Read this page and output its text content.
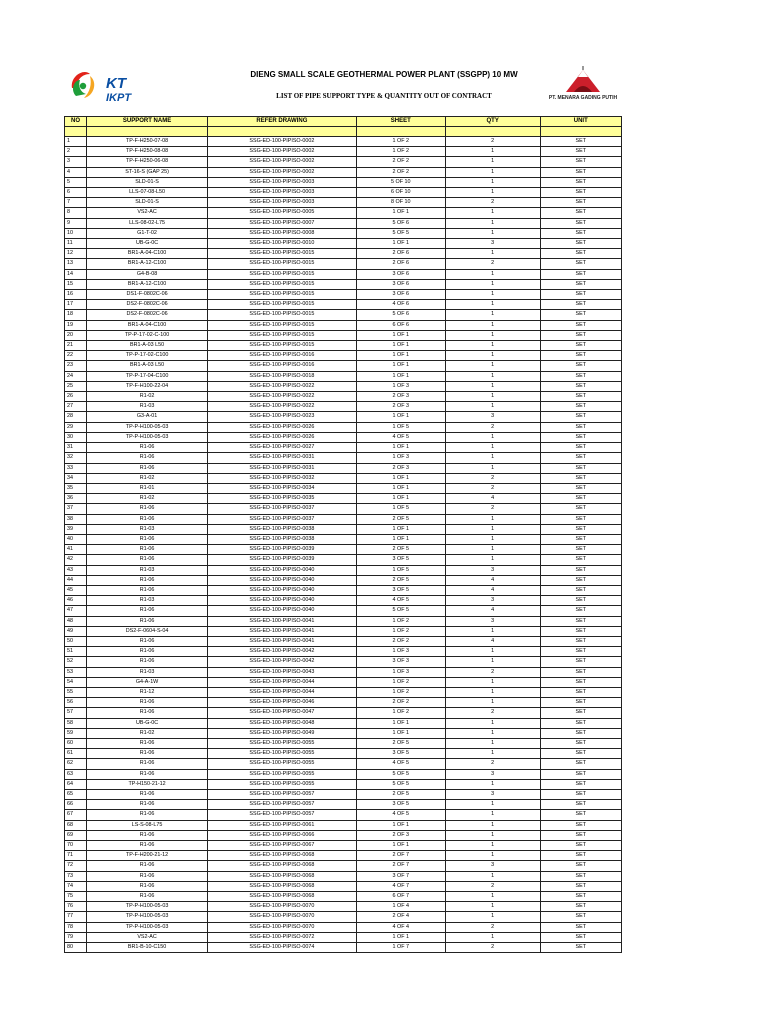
KT
IKPT
DIENG SMALL SCALE GEOTHERMAL POWER PLANT (SSGPP) 10 MW
LIST OF PIPE SUPPORT TYPE & QUANTITY OUT OF CONTRACT	PT. MENARA GADING PUTIH
NO	SUPPORT NAME	REFER DRAWING	SHEET	QTY	UNIT

1	TP-F-H250-07-08	SSG-ED-100-PIPISO-0002	1 OF 2	2	SET
2	TP-F-H250-08-08	SSG-ED-100-PIPISO-0002	1 OF 2	1	SET
3	TP-F-H250-06-08	SSG-ED-100-PIPISO-0002	2 OF 2	1	SET
4	ST-16-S (GAP 25)	SSG-ED-100-PIPISO-0002	2 OF 2	1	SET
5	SLD-01-S	SSG-ED-100-PIPISO-0003	5 OF 10	1	SET
6	LLS-07-08-L50	SSG-ED-100-PIPISO-0003	6 OF 10	1	SET
7	SLD-01-S	SSG-ED-100-PIPISO-0003	8 OF 10	2	SET
8	VS2-AC	SSG-ED-100-PIPISO-0005	1 OF 1	1	SET
9	LLS-08-02-L75	SSG-ED-100-PIPISO-0007	5 OF 6	1	SET
10	G1-T-02	SSG-ED-100-PIPISO-0008	5 OF 5	1	SET
11	UB-G-0C	SSG-ED-100-PIPISO-0010	1 OF 1	3	SET
12	BR1-A-04-C100	SSG-ED-100-PIPISO-0015	2 OF 6	1	SET
13	BR1-A-12-C100	SSG-ED-100-PIPISO-0015	2 OF 6	2	SET
14	G4-B-08	SSG-ED-100-PIPISO-0015	3 OF 6	1	SET
15	BR1-A-12-C100	SSG-ED-100-PIPISO-0015	3 OF 6	1	SET
16	DS1-F-0802C-06	SSG-ED-100-PIPISO-0015	3 OF 6	1	SET
17	DS2-F-0802C-06	SSG-ED-100-PIPISO-0015	4 OF 6	1	SET
18	DS2-F-0802C-06	SSG-ED-100-PIPISO-0015	5 OF 6	1	SET
19	BR1-A-04-C100	SSG-ED-100-PIPISO-0015	6 OF 6	1	SET
20	TP-P-17-02-C-100	SSG-ED-100-PIPISO-0015	1 OF 1	1	SET
21	BR1-A-03 L50	SSG-ED-100-PIPISO-0015	1 OF 1	1	SET
22	TP-P-17-02-C100	SSG-ED-100-PIPISO-0016	1 OF 1	1	SET
23	BR1-A-03 L50	SSG-ED-100-PIPISO-0016	1 OF 1	1	SET
24	TP-P-17-04-C100	SSG-ED-100-PIPISO-0018	1 OF 1	1	SET
25	TP-F-H100-22-04	SSG-ED-100-PIPISO-0022	1 OF 3	1	SET
26	R1-02	SSG-ED-100-PIPISO-0022	2 OF 3	1	SET
27	R1-03	SSG-ED-100-PIPISO-0022	2 OF 3	1	SET
28	G3-A-01	SSG-ED-100-PIPISO-0023	1 OF 1	3	SET
29	TP-P-H100-05-03	SSG-ED-100-PIPISO-0026	1 OF 5	2	SET
30	TP-P-H100-05-03	SSG-ED-100-PIPISO-0026	4 OF 5	1	SET
31	R1-06	SSG-ED-100-PIPISO-0027	1 OF 1	1	SET
32	R1-06	SSG-ED-100-PIPISO-0031	1 OF 3	1	SET
33	R1-06	SSG-ED-100-PIPISO-0031	2 OF 3	1	SET
34	R1-02	SSG-ED-100-PIPISO-0032	1 OF 1	2	SET
35	R1-01	SSG-ED-100-PIPISO-0034	1 OF 1	2	SET
36	R1-02	SSG-ED-100-PIPISO-0035	1 OF 1	4	SET
37	R1-06	SSG-ED-100-PIPISO-0037	1 OF 5	2	SET
38	R1-06	SSG-ED-100-PIPISO-0037	2 OF 5	1	SET
39	R1-03	SSG-ED-100-PIPISO-0038	1 OF 1	1	SET
40	R1-06	SSG-ED-100-PIPISO-0038	1 OF 1	1	SET
41	R1-06	SSG-ED-100-PIPISO-0039	2 OF 5	1	SET
42	R1-06	SSG-ED-100-PIPISO-0039	3 OF 5	1	SET
43	R1-03	SSG-ED-100-PIPISO-0040	1 OF 5	3	SET
44	R1-06	SSG-ED-100-PIPISO-0040	2 OF 5	4	SET
45	R1-06	SSG-ED-100-PIPISO-0040	3 OF 5	4	SET
46	R1-03	SSG-ED-100-PIPISO-0040	4 OF 5	3	SET
47	R1-06	SSG-ED-100-PIPISO-0040	5 OF 5	4	SET
48	R1-06	SSG-ED-100-PIPISO-0041	1 OF 2	3	SET
49	DS2-F-0604-S-04	SSG-ED-100-PIPISO-0041	1 OF 2	1	SET
50	R1-06	SSG-ED-100-PIPISO-0041	2 OF 2	4	SET
51	R1-06	SSG-ED-100-PIPISO-0042	1 OF 3	1	SET
52	R1-06	SSG-ED-100-PIPISO-0042	3 OF 3	1	SET
53	R1-03	SSG-ED-100-PIPISO-0043	1 OF 3	2	SET
54	G4-A-1W	SSG-ED-100-PIPISO-0044	1 OF 2	1	SET
55	R1-12	SSG-ED-100-PIPISO-0044	1 OF 2	1	SET
56	R1-06	SSG-ED-100-PIPISO-0046	2 OF 2	1	SET
57	R1-06	SSG-ED-100-PIPISO-0047	1 OF 2	2	SET
58	UB-G-0C	SSG-ED-100-PIPISO-0048	1 OF 1	1	SET
59	R1-02	SSG-ED-100-PIPISO-0049	1 OF 1	1	SET
60	R1-06	SSG-ED-100-PIPISO-0055	2 OF 5	1	SET
61	R1-06	SSG-ED-100-PIPISO-0055	3 OF 5	1	SET
62	R1-06	SSG-ED-100-PIPISO-0055	4 OF 5	2	SET
63	R1-06	SSG-ED-100-PIPISO-0055	5 OF 5	3	SET
64	TP-H150-21-12	SSG-ED-100-PIPISO-0055	5 OF 5	1	SET
65	R1-06	SSG-ED-100-PIPISO-0057	2 OF 5	3	SET
66	R1-06	SSG-ED-100-PIPISO-0057	3 OF 5	1	SET
67	R1-06	SSG-ED-100-PIPISO-0057	4 OF 5	1	SET
68	LS-S-08-L75	SSG-ED-100-PIPISO-0061	1 OF 1	1	SET
69	R1-06	SSG-ED-100-PIPISO-0066	2 OF 3	1	SET
70	R1-06	SSG-ED-100-PIPISO-0067	1 OF 1	1	SET
71	TP-F-H200-21-12	SSG-ED-100-PIPISO-0068	2 OF 7	1	SET
72	R1-06	SSG-ED-100-PIPISO-0068	2 OF 7	3	SET
73	R1-06	SSG-ED-100-PIPISO-0068	3 OF 7	1	SET
74	R1-06	SSG-ED-100-PIPISO-0068	4 OF 7	2	SET
75	R1-06	SSG-ED-100-PIPISO-0068	6 OF 7	1	SET
76	TP-P-H100-05-03	SSG-ED-100-PIPISO-0070	1 OF 4	1	SET
77	TP-P-H100-05-03	SSG-ED-100-PIPISO-0070	2 OF 4	1	SET
78	TP-P-H100-05-03	SSG-ED-100-PIPISO-0070	4 OF 4	2	SET
79	VS2-AC	SSG-ED-100-PIPISO-0072	1 OF 1	1	SET
80	BR1-B-10-C150	SSG-ED-100-PIPISO-0074	1 OF 7	2	SET
